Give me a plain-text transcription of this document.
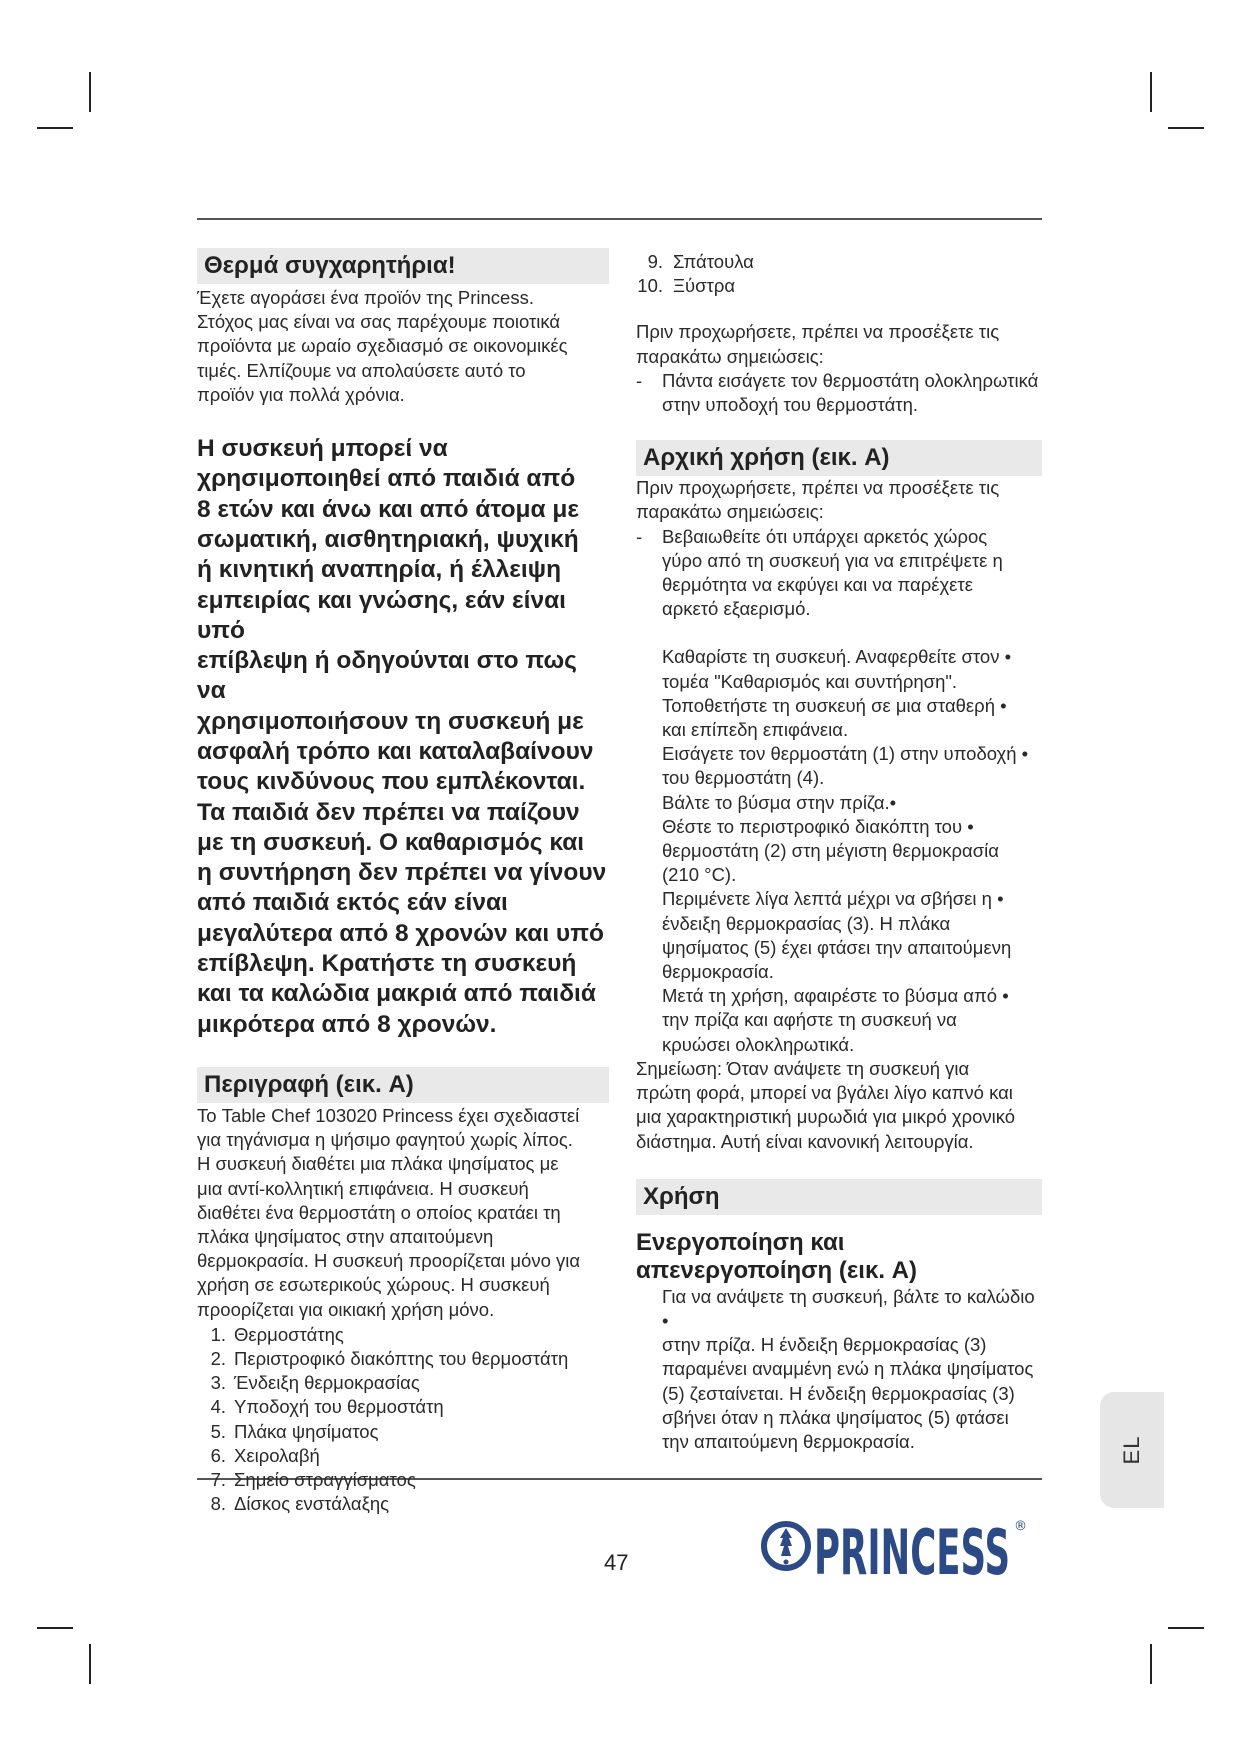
Θερμά συγχαρητήρια!

Έχετε αγοράσει ένα προϊόν της Princess.

Στόχος μας είναι να σας παρέχουμε ποιοτικά

προϊόντα με ωραίο σχεδιασμό σε οικονομικές

τιμές. Ελπίζουμε να απολαύσετε αυτό το

προϊόν για πολλά χρόνια.

Η συσκευή μπορεί να

χρησιμοποιηθεί από παιδιά από

8 ετών και άνω και από άτομα με

σωματική, αισθητηριακή, ψυχική

ή κινητική αναπηρία, ή έλλειψη

εμπειρίας και γνώσης, εάν είναι υπό

επίβλεψη ή οδηγούνται στο πως να

χρησιμοποιήσουν τη συσκευή με

ασφαλή τρόπο και καταλαβαίνουν

τους κινδύνους που εμπλέκονται.

Τα παιδιά δεν πρέπει να παίζουν

με τη συσκευή. Ο καθαρισμός και

η συντήρηση δεν πρέπει να γίνουν

από παιδιά εκτός εάν είναι

μεγαλύτερα από 8 χρονών και υπό

επίβλεψη. Κρατήστε τη συσκευή

και τα καλώδια μακριά από παιδιά

μικρότερα από 8 χρονών.

Περιγραφή (εικ. A)

Το Table Chef 103020 Princess έχει σχεδιαστεί

για τηγάνισμα η ψήσιμο φαγητού χωρίς λίπος.

Η συσκευή διαθέτει μια πλάκα ψησίματος με

μια αντί-κολλητική επιφάνεια. Η συσκευή

διαθέτει ένα θερμοστάτη ο οποίος κρατάει τη

πλάκα ψησίματος στην απαιτούμενη

θερμοκρασία. Η συσκευή προορίζεται μόνο για

χρήση σε εσωτερικούς χώρους. Η συσκευή

προορίζεται για οικιακή χρήση μόνο.

1. Θερμοστάτης
2. Περιστροφικό διακόπτης του θερμοστάτη
3. Ένδειξη θερμοκρασίας
4. Υποδοχή του θερμοστάτη
5. Πλάκα ψησίματος
6. Χειρολαβή
7. Σημείο στραγγίσματος
8. Δίσκος ενστάλαξης
9. Σπάτουλα
10. Ξύστρα

Πριν προχωρήσετε, πρέπει να προσέξετε τις

παρακάτω σημειώσεις:

- Πάντα εισάγετε τον θερμοστάτη ολοκληρωτικά

στην υποδοχή του θερμοστάτη.

Αρχική χρήση (εικ. A)

Πριν προχωρήσετε, πρέπει να προσέξετε τις

παρακάτω σημειώσεις:

- Βεβαιωθείτε ότι υπάρχει αρκετός χώρος

γύρο από τη συσκευή για να επιτρέψετε η

θερμότητα να εκφύγει και να παρέχετε

αρκετό εξαερισμό.

Καθαρίστε τη συσκευή. Αναφερθείτε στον •

τομέα "Καθαρισμός και συντήρηση".

Τοποθετήστε τη συσκευή σε μια σταθερή •

και επίπεδη επιφάνεια.

Εισάγετε τον θερμοστάτη (1) στην υποδοχή •

του θερμοστάτη (4).

Βάλτε το βύσμα στην πρίζα.•

Θέστε το περιστροφικό διακόπτη του •

θερμοστάτη (2) στη μέγιστη θερμοκρασία

(210 °C).

Περιμένετε λίγα λεπτά μέχρι να σβήσει η •

ένδειξη θερμοκρασίας (3). Η πλάκα

ψησίματος (5) έχει φτάσει την απαιτούμενη

θερμοκρασία.

Μετά τη χρήση, αφαιρέστε το βύσμα από •

την πρίζα και αφήστε τη συσκευή να

κρυώσει ολοκληρωτικά.

Σημείωση: Όταν ανάψετε τη συσκευή για

πρώτη φορά, μπορεί να βγάλει λίγο καπνό και

μια χαρακτηριστική μυρωδιά για μικρό χρονικό

διάστημα. Αυτή είναι κανονική λειτουργία.

Χρήση

Ενεργοποίηση και

απενεργοποίηση (εικ. A)

Για να ανάψετε τη συσκευή, βάλτε το καλώδιο •

στην πρίζα. Η ένδειξη θερμοκρασίας (3)

παραμένει αναμμένη ενώ η πλάκα ψησίματος

(5) ζεσταίνεται. Η ένδειξη θερμοκρασίας (3)

σβήνει όταν η πλάκα ψησίματος (5) φτάσει

την απαιτούμενη θερμοκρασία.

47	PRINCESS ®
EL
